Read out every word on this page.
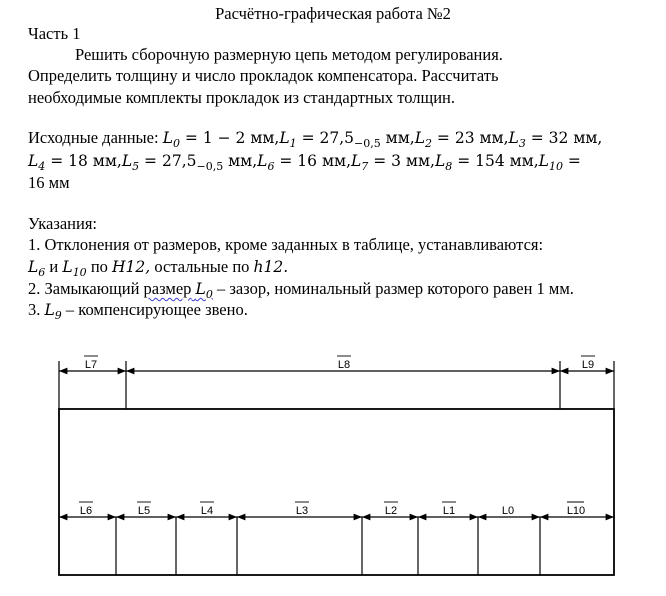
Расчётно-графическая работа №2
Часть 1
Решить сборочную размерную цепь методом регулирования.
Определить толщину и число прокладок компенсатора. Рассчитать
необходимые комплекты прокладок из стандартных толщин.
Исходные данные: $L_0 = 1 - 2$ $мм,L_1 = 27,5_{-0,5}$ $мм,L_2 = 23$ $мм,L_3 = 32$ мм,
$L_4 = 18$ $мм,L_5 = 27,5_{-0,5}$ $мм,L_6 = 16$ $мм,L_7 = 3$ $мм,L_8 = 154$ $мм,L_{10}$ =
16 мм
Указания:
1. Отклонения от размеров, кроме заданных в таблице, устанавливаются:
$L_6$ и $L_{10}$ по H12, остальные по h12.
2. Замыкающий размер $L_0$ – зазор, номинальный размер которого равен 1 мм.
3. $L_9$ – компенсирующее звено.
L7	L8	L9
L6	L5	L4	L3	L2	L1	L0	L10
